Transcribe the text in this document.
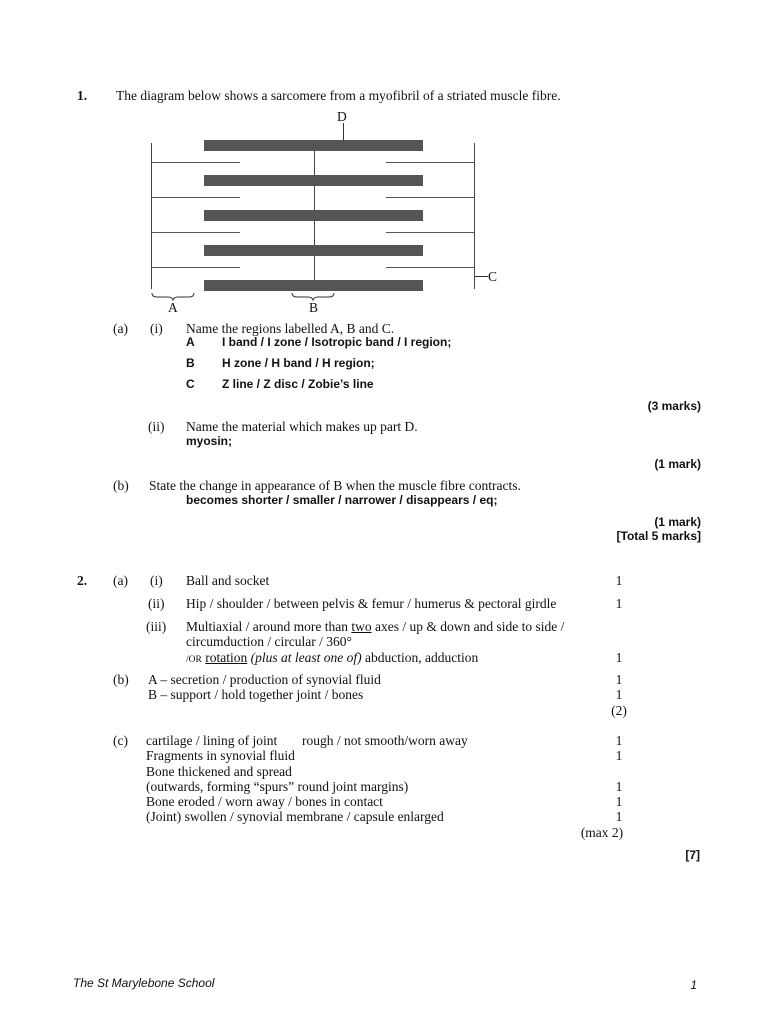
1. The diagram below shows a sarcomere from a myofibril of a striated muscle fibre.
D
C
A	B
(a) (i) Name the regions labelled A, B and C.
A I band / I zone / Isotropic band / I region;
B H zone / H band / H region;
C Z line / Z disc / Zobie’s line
(3 marks)
(ii) Name the material which makes up part D.
myosin;
(1 mark)
(b) State the change in appearance of B when the muscle fibre contracts.
becomes shorter / smaller / narrower / disappears / eq;
(1 mark)
[Total 5 marks]
2. (a) (i) Ball and socket	1
(ii) Hip / shoulder / between pelvis & femur / humerus & pectoral girdle	1
(iii) Multiaxial / around more than two axes / up & down and side to side /
circumduction / circular / 360°
/OR rotation (plus at least one of) abduction, adduction	1
(b) A – secretion / production of synovial fluid	1
B – support / hold together joint / bones	1
(2)
(c) cartilage / lining of joint rough / not smooth/worn away	1
Fragments in synovial fluid	1
Bone thickened and spread
(outwards, forming “spurs” round joint margins)	1
Bone eroded / worn away / bones in contact	1
(Joint) swollen / synovial membrane / capsule enlarged	1
(max 2)
[7]
The St Marylebone School	1
